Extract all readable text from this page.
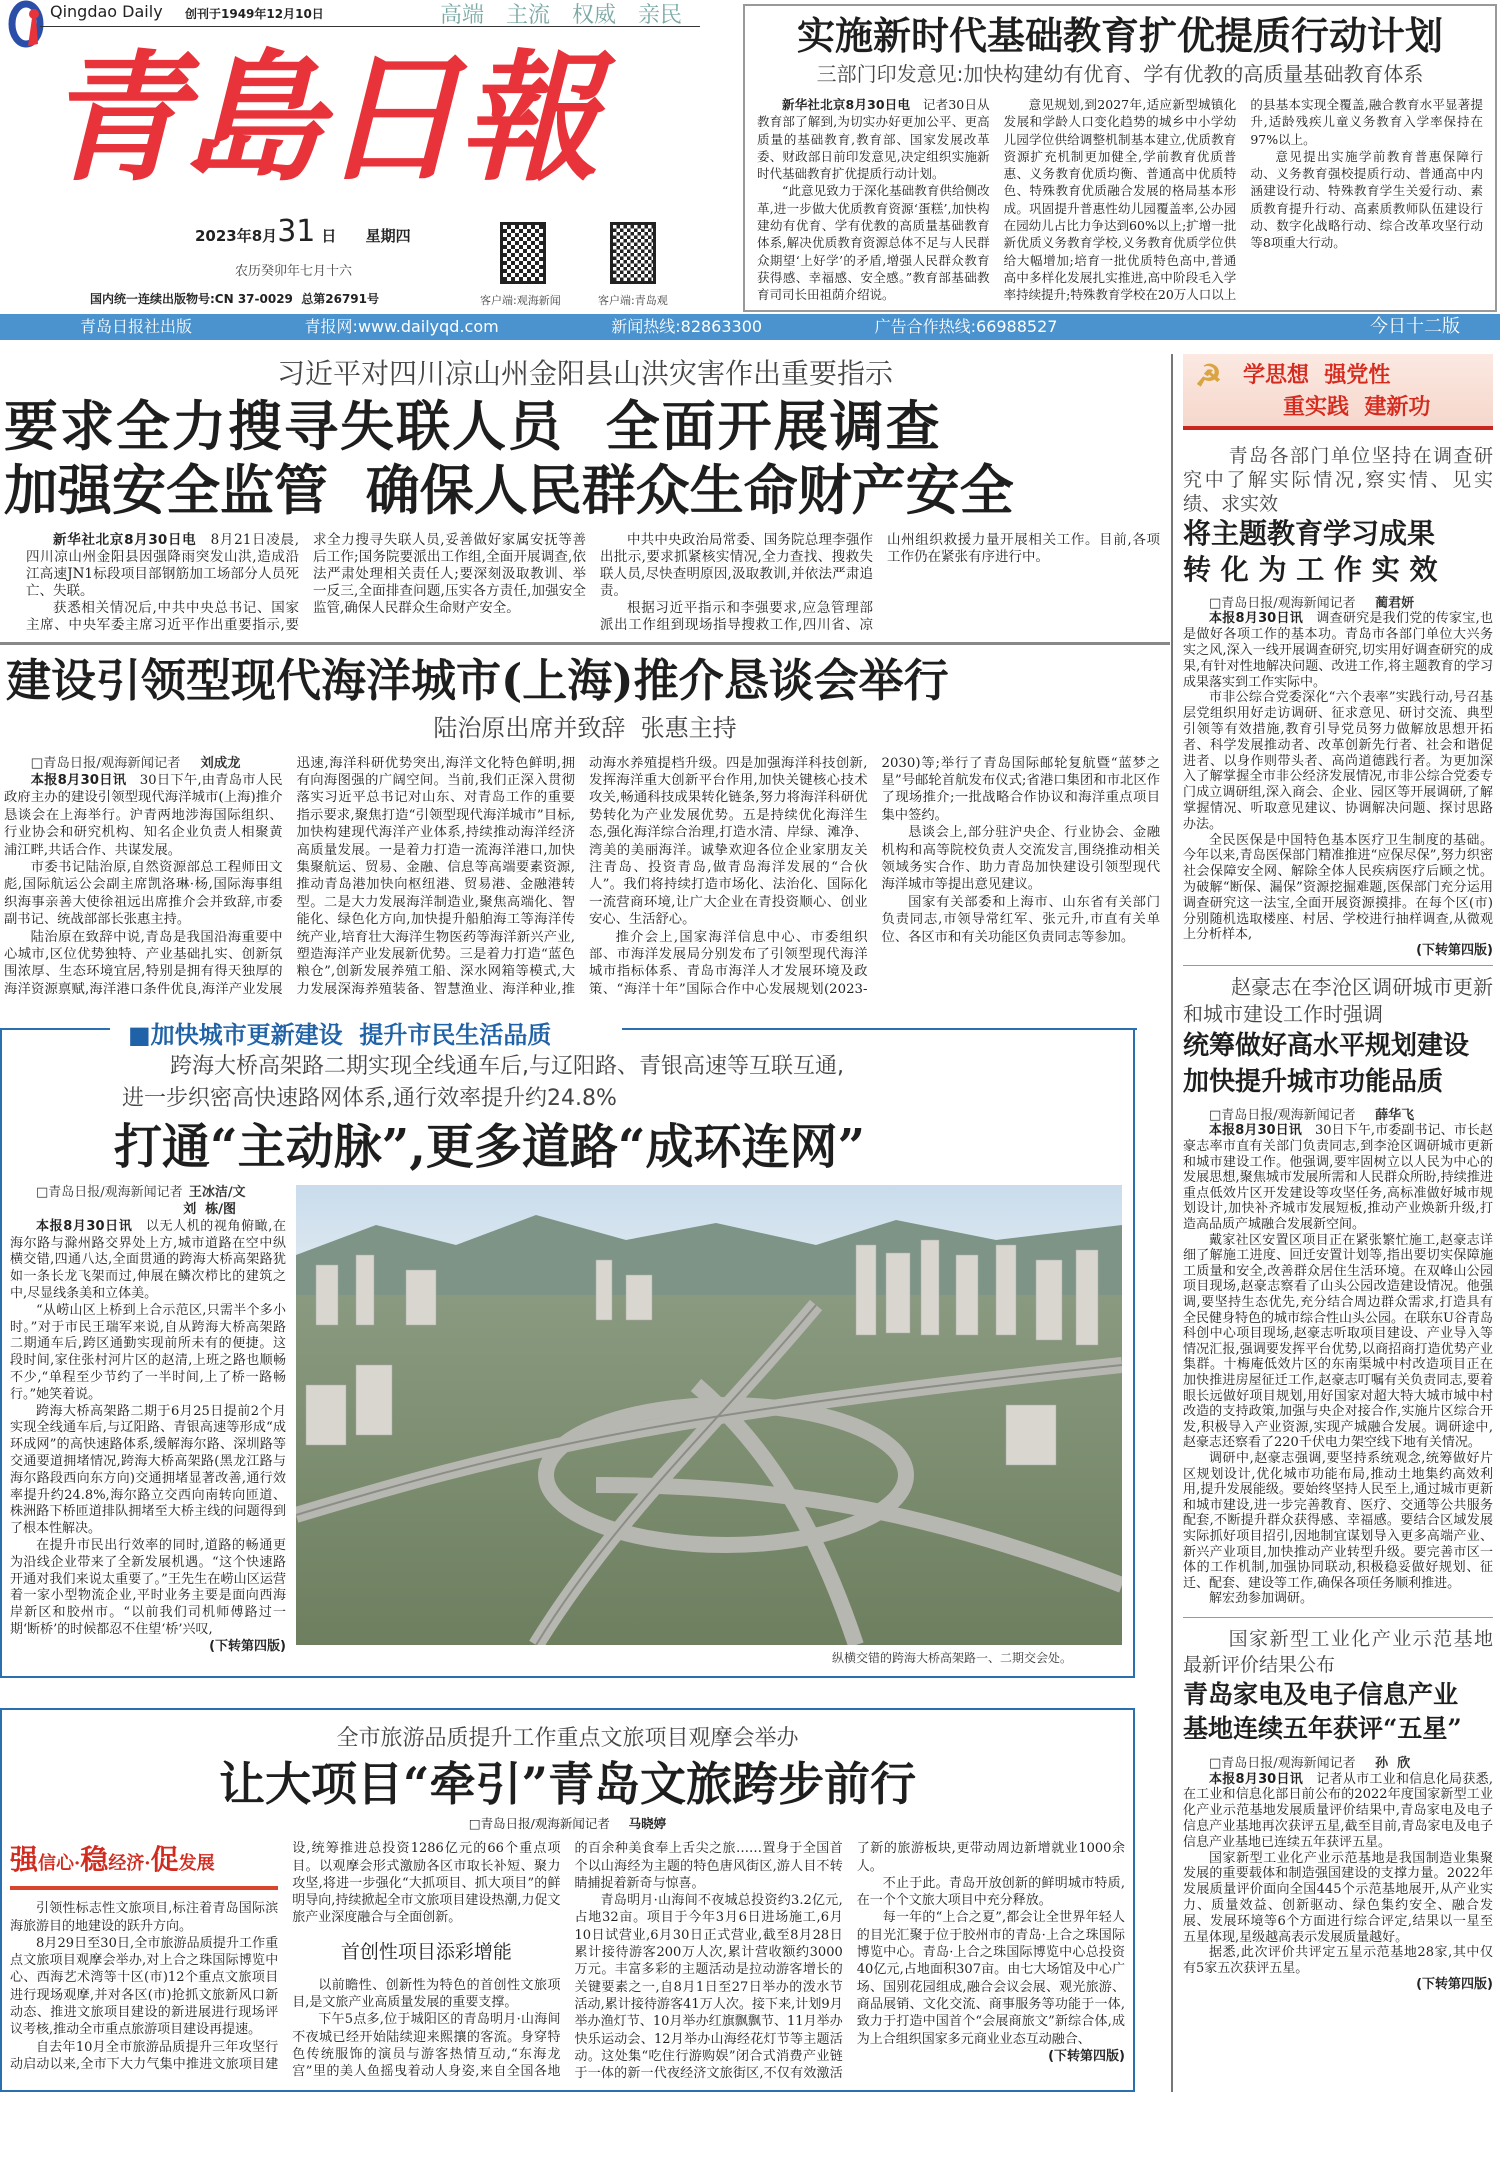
Qingdao Daily 创刊于1949年12月10日	高端 主流 权威 亲民
青島日報
2023年8月31 日 星期四
农历癸卯年七月十六
国内统一连续出版物号:CN 37-0029  总第26791号	客户端:观海新闻	客户端:青岛观
实施新时代基础教育扩优提质行动计划
三部门印发意见:加快构建幼有优育、学有优教的高质量基础教育体系

新华社北京8月30日电　 记者30日从教育部了解到,为切实办好更加公平、更高质量的基础教育,教育部、国家发展改革委、财政部日前印发意见,决定组织实施新时代基础教育扩优提质行动计划。

“此意见致力于深化基础教育供给侧改革,进一步做大优质教育资源‘蛋糕’,加快构建幼有优育、学有优教的高质量基础教育体系,解决优质教育资源总体不足与人民群众期望‘上好学’的矛盾,增强人民群众教育获得感、幸福感、安全感。”教育部基础教育司司长田祖荫介绍说。

意见规划,到2027年,适应新型城镇化发展和学龄人口变化趋势的城乡中小学幼儿园学位供给调整机制基本建立,优质教育资源扩充机制更加健全,学前教育优质普惠、义务教育优质均衡、普通高中优质特色、特殊教育优质融合发展的格局基本形成。巩固提升普惠性幼儿园覆盖率,公办园在园幼儿占比力争达到60%以上;扩增一批新优质义务教育学校,义务教育优质学位供给大幅增加;培育一批优质特色高中,普通高中多样化发展扎实推进,高中阶段毛入学率持续提升;特殊教育学校在20万人口以上的县基本实现全覆盖,融合教育水平显著提升,适龄残疾儿童义务教育入学率保持在97%以上。

意见提出实施学前教育普惠保障行动、义务教育强校提质行动、普通高中内涵建设行动、特殊教育学生关爱行动、素质教育提升行动、高素质教师队伍建设行动、数字化战略行动、综合改革攻坚行动等8项重大行动。

青岛日报社出版	青报网:www.dailyqd.com	新闻热线:82863300	广告合作热线:66988527	今日十二版
习近平对四川凉山州金阳县山洪灾害作出重要指示
要求全力搜寻失联人员  全面开展调查
加强安全监管  确保人民群众生命财产安全

新华社北京8月30日电　 8月21日凌晨,四川凉山州金阳县因强降雨突发山洪,造成沿江高速JN1标段项目部钢筋加工场部分人员死亡、失联。

获悉相关情况后,中共中央总书记、国家主席、中央军委主席习近平作出重要指示,要求全力搜寻失联人员,妥善做好家属安抚等善后工作;国务院要派出工作组,全面开展调查,依法严肃处理相关责任人;要深刻汲取教训、举一反三,全面排查问题,压实各方责任,加强安全监管,确保人民群众生命财产安全。

中共中央政治局常委、国务院总理李强作出批示,要求抓紧核实情况,全力查找、搜救失联人员,尽快查明原因,汲取教训,并依法严肃追责。

根据习近平指示和李强要求,应急管理部派出工作组到现场指导搜救工作,四川省、凉山州组织救援力量开展相关工作。目前,各项工作仍在紧张有序进行中。

建设引领型现代海洋城市(上海)推介恳谈会举行
陆治原出席并致辞  张惠主持
□青岛日报/观海新闻记者 刘成龙

本报8月30日讯　 30日下午,由青岛市人民政府主办的建设引领型现代海洋城市(上海)推介恳谈会在上海举行。沪青两地涉海国际组织、行业协会和研究机构、知名企业负责人相聚黄浦江畔,共话合作、共谋发展。

市委书记陆治原,自然资源部总工程师田文彪,国际航运公会副主席凯洛琳·杨,国际海事组织海事亲善大使徐祖远出席推介会并致辞,市委副书记、统战部部长张惠主持。

陆治原在致辞中说,青岛是我国沿海重要中心城市,区位优势独特、产业基础扎实、创新氛围浓厚、生态环境宜居,特别是拥有得天独厚的海洋资源禀赋,海洋港口条件优良,海洋产业发展迅速,海洋科研优势突出,海洋文化特色鲜明,拥有向海图强的广阔空间。当前,我们正深入贯彻落实习近平总书记对山东、对青岛工作的重要指示要求,聚焦打造“引领型现代海洋城市”目标,加快构建现代海洋产业体系,持续推动海洋经济高质量发展。一是着力打造一流海洋港口,加快集聚航运、贸易、金融、信息等高端要素资源,推动青岛港加快向枢纽港、贸易港、金融港转型。二是大力发展海洋制造业,聚焦高端化、智能化、绿色化方向,加快提升船舶海工等海洋传统产业,培育壮大海洋生物医药等海洋新兴产业,塑造海洋产业发展新优势。三是着力打造“蓝色粮仓”,创新发展养殖工船、深水网箱等模式,大力发展深海养殖装备、智慧渔业、海洋种业,推动海水养殖提档升级。四是加强海洋科技创新,发挥海洋重大创新平台作用,加快关键核心技术攻关,畅通科技成果转化链条,努力将海洋科研优势转化为产业发展优势。五是持续优化海洋生态,强化海洋综合治理,打造水清、岸绿、滩净、湾美的美丽海洋。诚挚欢迎各位企业家朋友关注青岛、投资青岛,做青岛海洋发展的“合伙人”。我们将持续打造市场化、法治化、国际化一流营商环境,让广大企业在青投资顺心、创业安心、生活舒心。

推介会上,国家海洋信息中心、市委组织部、市海洋发展局分别发布了引领型现代海洋城市指标体系、青岛市海洋人才发展环境及政策、“海洋十年”国际合作中心发展规划(2023-2030)等;举行了青岛国际邮轮复航暨“蓝梦之星”号邮轮首航发布仪式;省港口集团和市北区作了现场推介;一批战略合作协议和海洋重点项目集中签约。

恳谈会上,部分驻沪央企、行业协会、金融机构和高等院校负责人交流发言,围绕推动相关领域务实合作、助力青岛加快建设引领型现代海洋城市等提出意见建议。

国家有关部委和上海市、山东省有关部门负责同志,市领导常红军、张元升,市直有关单位、各区市和有关功能区负责同志等参加。

■加快城市更新建设  提升市民生活品质
跨海大桥高架路二期实现全线通车后,与辽阳路、青银高速等互联互通,
进一步织密高快速路网体系,通行效率提升约24.8%
打通“主动脉”,更多道路“成环连网”
□青岛日报/观海新闻记者 王冰洁/文
刘  栋/图

本报8月30日讯　 以无人机的视角俯瞰,在海尔路与滁州路交界处上方,城市道路在空中纵横交错,四通八达,全面贯通的跨海大桥高架路犹如一条长龙飞架而过,伸展在鳞次栉比的建筑之中,尽显线条美和立体美。

“从崂山区上桥到上合示范区,只需半个多小时。”对于市民王瑞军来说,自从跨海大桥高架路二期通车后,跨区通勤实现前所未有的便捷。这段时间,家住张村河片区的赵清,上班之路也顺畅不少,“单程至少节约了一半时间,上了桥一路畅行。”她笑着说。

跨海大桥高架路二期于6月25日提前2个月实现全线通车后,与辽阳路、青银高速等形成“成环成网”的高快速路体系,缓解海尔路、深圳路等交通要道拥堵情况,跨海大桥高架路(黑龙江路与海尔路段西向东方向)交通拥堵显著改善,通行效率提升约24.8%,海尔路立交西向南转向匝道、株洲路下桥匝道排队拥堵至大桥主线的问题得到了根本性解决。

在提升市民出行效率的同时,道路的畅通更为沿线企业带来了全新发展机遇。“这个快速路开通对我们来说太重要了。”王先生在崂山区运营着一家小型物流企业,平时业务主要是面向西海岸新区和胶州市。“以前我们司机师傅路过一期‘断桥’的时候都忍不住望‘桥’兴叹,

(下转第四版)
纵横交错的跨海大桥高架路一、二期交会处。
全市旅游品质提升工作重点文旅项目观摩会举办
让大项目“牵引”青岛文旅跨步前行
□青岛日报/观海新闻记者 马晓婷
强信心·稳经济·促发展

引领性标志性文旅项目,标注着青岛国际滨海旅游目的地建设的跃升方向。

8月29日至30日,全市旅游品质提升工作重点文旅项目观摩会举办,对上合之珠国际博览中心、西海艺术湾等十区(市)12个重点文旅项目进行现场观摩,并对各区(市)抢抓文旅新风口新动态、推进文旅项目建设的新进展进行现场评议考核,推动全市重点旅游项目建设再提速。

自去年10月全市旅游品质提升三年攻坚行动启动以来,全市下大力气集中推进文旅项目建设,统筹推进总投资1286亿元的66个重点项目。以观摩会形式激励各区市取长补短、聚力攻坚,将进一步强化“大抓项目、抓大项目”的鲜明导向,持续掀起全市文旅项目建设热潮,力促文旅产业深度融合与全面创新。

首创性项目添彩增能

以前瞻性、创新性为特色的首创性文旅项目,是文旅产业高质量发展的重要支撑。

下午5点多,位于城阳区的青岛明月·山海间不夜城已经开始陆续迎来熙攘的客流。身穿特色传统服饰的演员与游客热情互动,“东海龙宫”里的美人鱼摇曳着动人身姿,来自全国各地的百余种美食奉上舌尖之旅……置身于全国首个以山海经为主题的特色唐风街区,游人目不转睛捕捉着新奇与惊喜。

青岛明月·山海间不夜城总投资约3.2亿元,占地32亩。项目于今年3月6日进场施工,6月10日试营业,6月30日正式营业,截至8月28日累计接待游客200万人次,累计营收额约3000万元。丰富多彩的主题活动是拉动游客增长的关键要素之一,自8月1日至27日举办的泼水节活动,累计接待游客41万人次。接下来,计划9月举办渔灯节、10月举办红旗飘飘节、11月举办快乐运动会、12月举办山海经花灯节等主题活动。这处集“吃住行游购娱”闭合式消费产业链于一体的新一代夜经济文旅街区,不仅有效激活了新的旅游板块,更带动周边新增就业1000余人。

不止于此。青岛开放创新的鲜明城市特质,在一个个文旅大项目中充分释放。

每一年的“上合之夏”,都会让全世界年轻人的目光汇聚于位于胶州市的青岛·上合之珠国际博览中心。青岛·上合之珠国际博览中心总投资40亿元,占地面积307亩。由七大场馆及中心广场、国别花园组成,融合会议会展、观光旅游、商品展销、文化交流、商事服务等功能于一体,致力于打造中国首个“会展商旅文”新综合体,成为上合组织国家多元商业业态互动融合、

(下转第四版)
☭ 学思想  强党性
重实践  建新功
青岛各部门单位坚持在调查研究中了解实际情况,察实情、见实绩、求实效
将主题教育学习成果
转 化 为 工 作 实 效
□青岛日报/观海新闻记者 蔺君妍

本报8月30日讯　 调查研究是我们党的传家宝,也是做好各项工作的基本功。青岛市各部门单位大兴务实之风,深入一线开展调查研究,切实用好调查研究的成果,有针对性地解决问题、改进工作,将主题教育的学习成果落实到工作实际中。

市非公综合党委深化“六个表率”实践行动,号召基层党组织用好走访调研、征求意见、研讨交流、典型引领等有效措施,教育引导党员努力做解放思想开拓者、科学发展推动者、改革创新先行者、社会和谐促进者、以身作则带头者、高尚道德践行者。为更加深入了解掌握全市非公经济发展情况,市非公综合党委专门成立调研组,深入商会、企业、园区等开展调研,了解掌握情况、听取意见建议、协调解决问题、探讨思路办法。

全民医保是中国特色基本医疗卫生制度的基础。今年以来,青岛医保部门精准推进“应保尽保”,努力织密社会保障安全网、解除全体人民疾病医疗后顾之忧。为破解“断保、漏保”资源挖掘难题,医保部门充分运用调查研究这一法宝,全面开展资源摸排。在每个区(市)分别随机选取楼座、村居、学校进行抽样调查,从微观上分析样本,

(下转第四版)
赵豪志在李沧区调研城市更新和城市建设工作时强调
统筹做好高水平规划建设
加快提升城市功能品质
□青岛日报/观海新闻记者 薛华飞

本报8月30日讯　 30日下午,市委副书记、市长赵豪志率市直有关部门负责同志,到李沧区调研城市更新和城市建设工作。他强调,要牢固树立以人民为中心的发展思想,聚焦城市发展所需和人民群众所盼,持续推进重点低效片区开发建设等攻坚任务,高标准做好城市规划设计,加快补齐城市发展短板,推动产业焕新升级,打造高品质产城融合发展新空间。

戴家社区安置区项目正在紧张繁忙施工,赵豪志详细了解施工进度、回迁安置计划等,指出要切实保障施工质量和安全,改善群众居住生活环境。在双峰山公园项目现场,赵豪志察看了山头公园改造建设情况。他强调,要坚持生态优先,充分结合周边群众需求,打造具有全民健身特色的城市综合性山头公园。在联东U谷青岛科创中心项目现场,赵豪志听取项目建设、产业导入等情况汇报,强调要发挥平台优势,以商招商打造优势产业集群。十梅庵低效片区的东南渠城中村改造项目正在加快推进房屋征迁工作,赵豪志叮嘱有关负责同志,要着眼长远做好项目规划,用好国家对超大特大城市城中村改造的支持政策,加强与央企对接合作,实施片区综合开发,积极导入产业资源,实现产城融合发展。调研途中,赵豪志还察看了220千伏电力架空线下地有关情况。

调研中,赵豪志强调,要坚持系统观念,统筹做好片区规划设计,优化城市功能布局,推动土地集约高效利用,提升发展能级。要始终坚持人民至上,通过城市更新和城市建设,进一步完善教育、医疗、交通等公共服务配套,不断提升群众获得感、幸福感。要结合区域发展实际抓好项目招引,因地制宜谋划导入更多高端产业、新兴产业项目,加快推动产业转型升级。要完善市区一体的工作机制,加强协同联动,积极稳妥做好规划、征迁、配套、建设等工作,确保各项任务顺利推进。

解宏劲参加调研。

国家新型工业化产业示范基地最新评价结果公布
青岛家电及电子信息产业
基地连续五年获评“五星”
□青岛日报/观海新闻记者 孙  欣

本报8月30日讯　 记者从市工业和信息化局获悉,在工业和信息化部日前公布的2022年度国家新型工业化产业示范基地发展质量评价结果中,青岛家电及电子信息产业基地再次获评五星,截至目前,青岛家电及电子信息产业基地已连续五年获评五星。

国家新型工业化产业示范基地是我国制造业集聚发展的重要载体和制造强国建设的支撑力量。2022年发展质量评价面向全国445个示范基地展开,从产业实力、质量效益、创新驱动、绿色集约安全、融合发展、发展环境等6个方面进行综合评定,结果以一星至五星体现,星级越高表示发展质量越好。

据悉,此次评价共评定五星示范基地28家,其中仅有5家五次获评五星。

(下转第四版)
